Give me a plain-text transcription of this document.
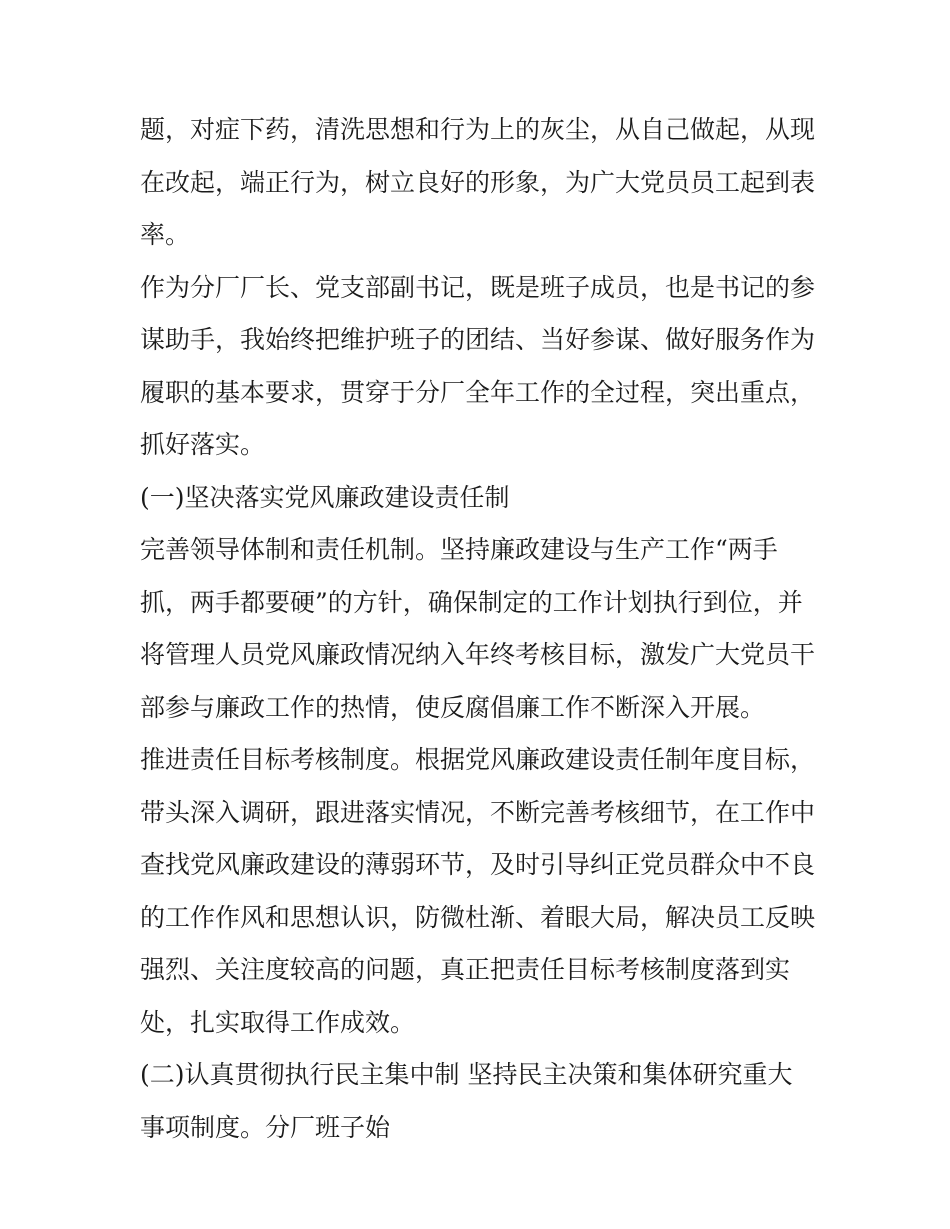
题，对症下药，清洗思想和行为上的灰尘，从自己做起，从现
在改起，端正行为，树立良好的形象，为广大党员员工起到表
率。
作为分厂厂长、党支部副书记，既是班子成员，也是书记的参
谋助手，我始终把维护班子的团结、当好参谋、做好服务作为
履职的基本要求，贯穿于分厂全年工作的全过程，突出重点，
抓好落实。
(一)坚决落实党风廉政建设责任制
完善领导体制和责任机制。坚持廉政建设与生产工作“两手
抓，两手都要硬”的方针，确保制定的工作计划执行到位，并
将管理人员党风廉政情况纳入年终考核目标，激发广大党员干
部参与廉政工作的热情，使反腐倡廉工作不断深入开展。
推进责任目标考核制度。根据党风廉政建设责任制年度目标，
带头深入调研，跟进落实情况，不断完善考核细节，在工作中
查找党风廉政建设的薄弱环节，及时引导纠正党员群众中不良
的工作作风和思想认识，防微杜渐、着眼大局，解决员工反映
强烈、关注度较高的问题，真正把责任目标考核制度落到实
处，扎实取得工作成效。
(二)认真贯彻执行民主集中制 坚持民主决策和集体研究重大
事项制度。分厂班子始
